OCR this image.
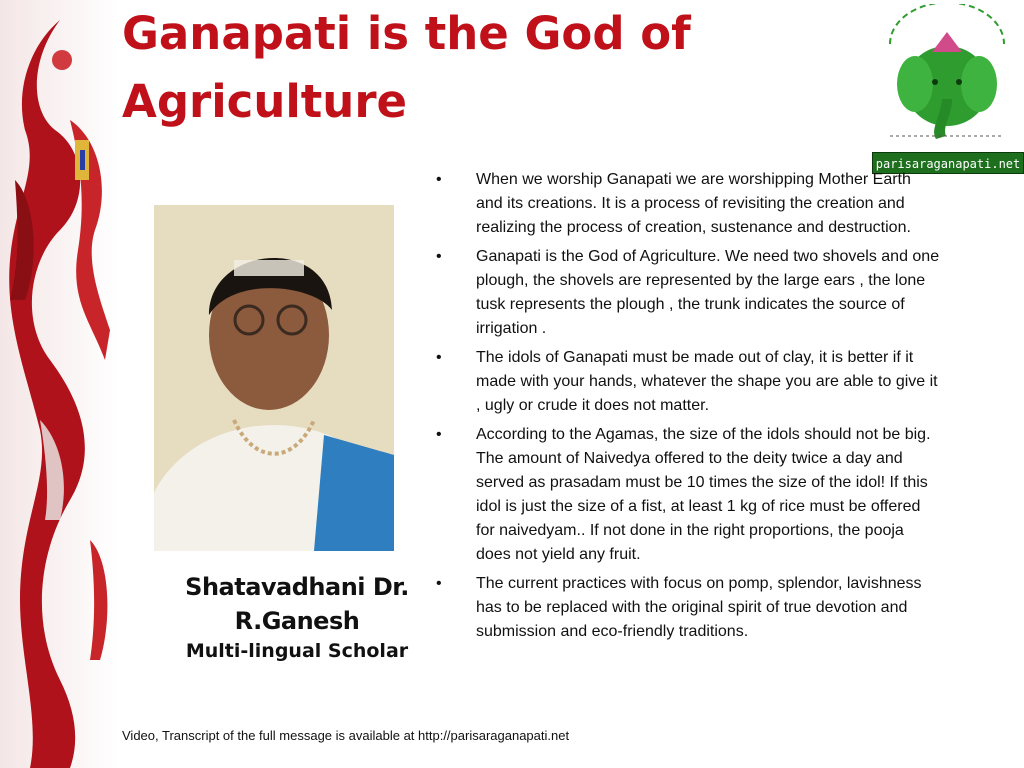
Ganapati is the God of Agriculture
parisaraganapati.net
Shatavadhani Dr. R.Ganesh
Multi-lingual Scholar
• When we worship Ganapati we are worshipping Mother Earth and its creations. It is a process of revisiting the creation and realizing the process of creation, sustenance and destruction.
• Ganapati is the God of Agriculture. We need two shovels and one plough, the shovels are represented by the large ears , the lone tusk represents the plough , the trunk indicates the source of irrigation .
• The idols of Ganapati must be made out of clay, it is better if it made with your hands, whatever the shape you are able to give it , ugly or crude it does not matter.
• According to the Agamas, the size of the idols should not be big. The amount of Naivedya offered to the deity twice a day and served as prasadam must be 10 times the size of the idol! If this idol is just the size of a fist, at least 1 kg of rice must be offered for naivedyam.. If not done in the right proportions, the pooja does not yield any fruit.
• The current practices with focus on pomp, splendor, lavishness has to be replaced with the original spirit of true devotion and submission and eco-friendly traditions.
Video, Transcript of the full message is available at http://parisaraganapati.net
